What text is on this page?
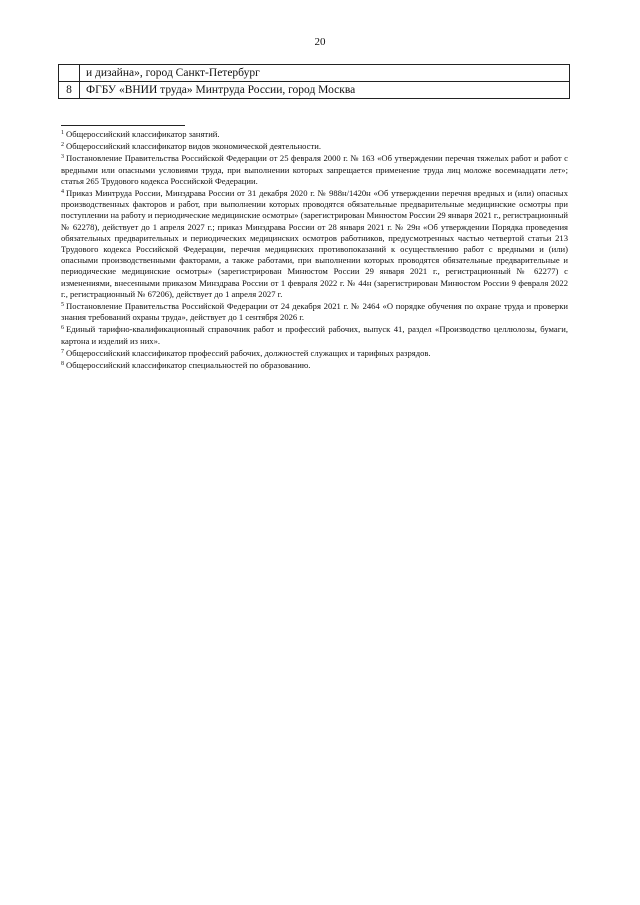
20
	и дизайна», город Санкт-Петербург
8	ФГБУ «ВНИИ труда» Минтруда России, город Москва

$^1$ Общероссийский классификатор занятий.

$^2$ Общероссийский классификатор видов экономической деятельности.

$^3$ Постановление Правительства Российской Федерации от 25 февраля 2000 г. № 163 «Об утверждении перечня тяжелых работ и работ с вредными или опасными условиями труда, при выполнении которых запрещается применение труда лиц моложе восемнадцати лет»; статья 265 Трудового кодекса Российской Федерации.

$^4$ Приказ Минтруда России, Минздрава России от 31 декабря 2020 г. № 988н/1420н «Об утверждении перечня вредных и (или) опасных производственных факторов и работ, при выполнении которых проводятся обязательные предварительные медицинские осмотры при поступлении на работу и периодические медицинские осмотры» (зарегистрирован Минюстом России 29 января 2021 г., регистрационный № 62278), действует до 1 апреля 2027 г.; приказ Минздрава России от 28 января 2021 г. № 29н «Об утверждении Порядка проведения обязательных предварительных и периодических медицинских осмотров работников, предусмотренных частью четвертой статьи 213 Трудового кодекса Российской Федерации, перечня медицинских противопоказаний к осуществлению работ с вредными и (или) опасными производственными факторами, а также работами, при выполнении которых проводятся обязательные предварительные и периодические медицинские осмотры» (зарегистрирован Минюстом России 29 января 2021 г., регистрационный № 62277) с изменениями, внесенными приказом Минздрава России от 1 февраля 2022 г. № 44н (зарегистрирован Минюстом России 9 февраля 2022 г., регистрационный № 67206), действует до 1 апреля 2027 г.

$^5$ Постановление Правительства Российской Федерации от 24 декабря 2021 г. № 2464 «О порядке обучения по охране труда и проверки знания требований охраны труда», действует до 1 сентября 2026 г.

$^6$ Единый тарифно-квалификационный справочник работ и профессий рабочих, выпуск 41, раздел «Производство целлюлозы, бумаги, картона и изделий из них».

$^7$ Общероссийский классификатор профессий рабочих, должностей служащих и тарифных разрядов.

$^8$ Общероссийский классификатор специальностей по образованию.
